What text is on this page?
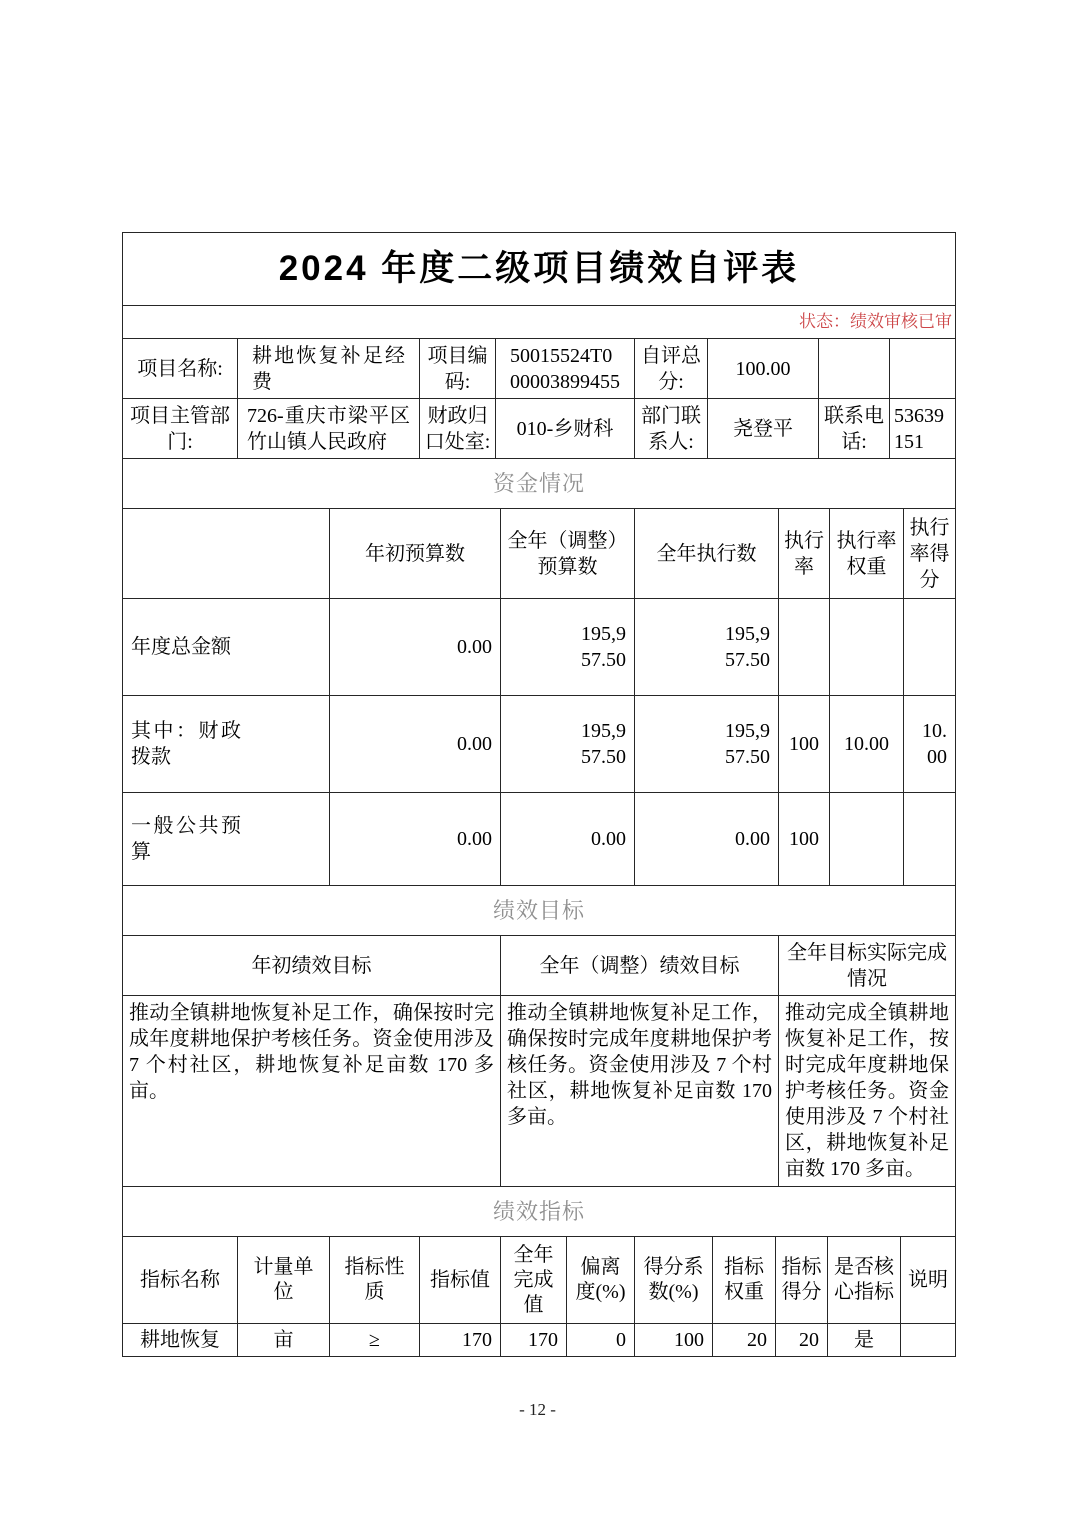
2024 年度二级项目绩效自评表
状态：绩效审核已审
项目名称:	耕地恢复补足经费	项目编码:	50015524T000003899455	自评总分:	100.00		
项目主管部门:	726-重庆市梁平区竹山镇人民政府	财政归口处室:	010-乡财科	部门联系人:	尧登平	联系电话:	53639151
资金情况
	年初预算数	全年（调整）预算数	全年执行数	执行率	执行率权重	执行率得分

年度总金额	0.00	195,957.50	195,957.50			

其中：财政拨款	0.00	195,957.50	195,957.50	100	10.00	10.00

一般公共预算	0.00	0.00	0.00	100		
绩效目标
年初绩效目标	全年（调整）绩效目标	全年目标实际完成情况
推动全镇耕地恢复补足工作，确保按时完成年度耕地保护考核任务。资金使用涉及 7 个村社区，耕地恢复补足亩数 170 多亩。	推动全镇耕地恢复补足工作，确保按时完成年度耕地保护考核任务。资金使用涉及 7 个村社区，耕地恢复补足亩数 170 多亩。	推动完成全镇耕地恢复补足工作，按时完成年度耕地保护考核任务。资金使用涉及 7 个村社区，耕地恢复补足亩数 170 多亩。
绩效指标
指标名称	计量单位	指标性质	指标值	全年完成值	偏离度(%)	得分系数(%)	指标权重	指标得分	是否核心指标	说明
耕地恢复	亩	≥	170	170	0	100	20	20	是	
- 12 -
